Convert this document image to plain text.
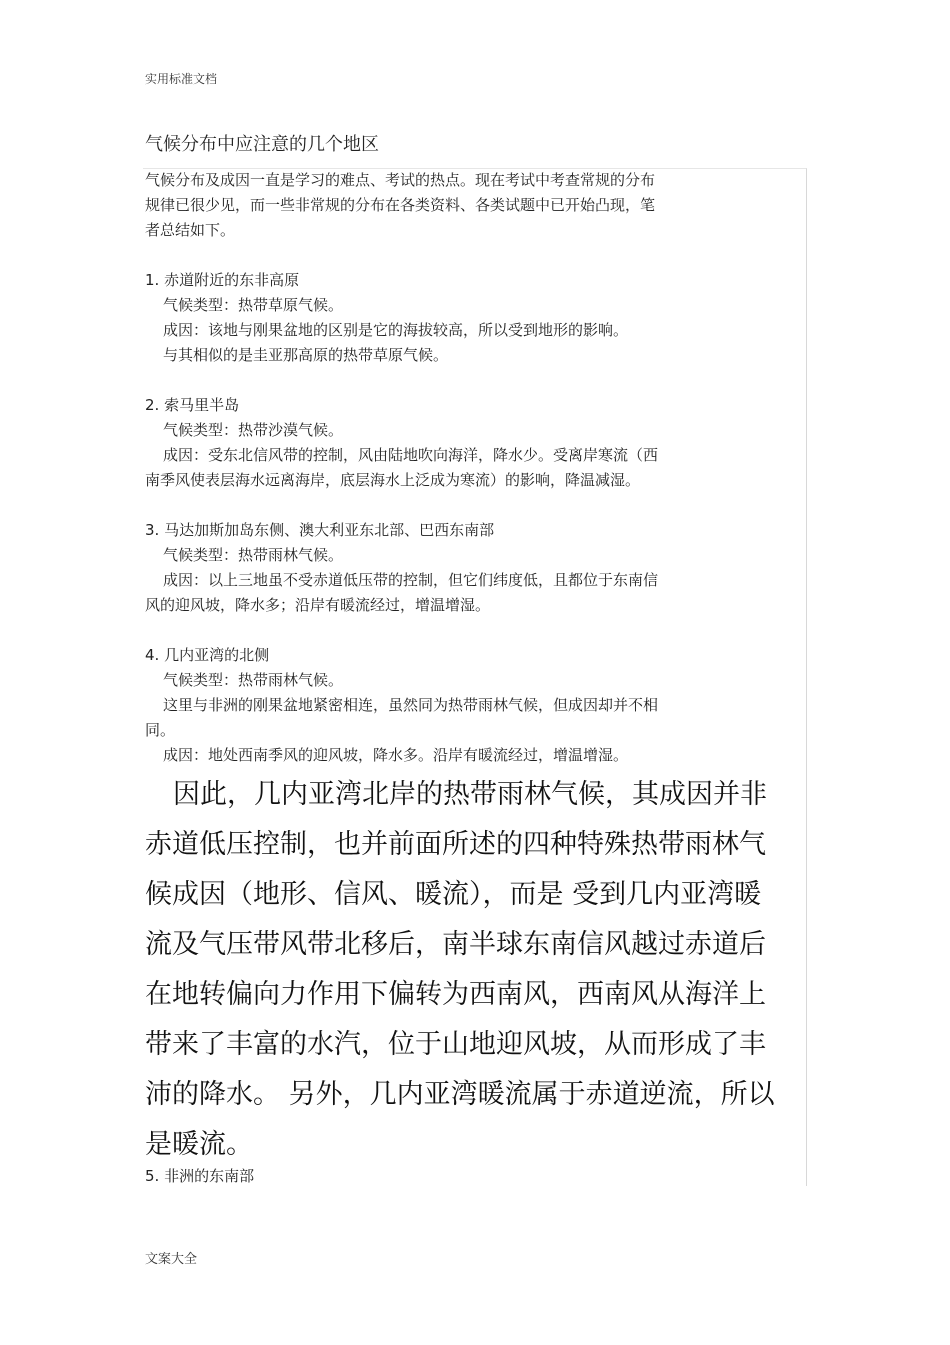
实用标准文档
气候分布中应注意的几个地区

气候分布及成因一直是学习的难点、考试的热点。现在考试中考查常规的分布

规律已很少见，而一些非常规的分布在各类资料、各类试题中已开始凸现，笔

者总结如下。

1. 赤道附近的东非高原

气候类型：热带草原气候。

成因：该地与刚果盆地的区别是它的海拔较高，所以受到地形的影响。

与其相似的是圭亚那高原的热带草原气候。

2. 索马里半岛

气候类型：热带沙漠气候。

成因：受东北信风带的控制，风由陆地吹向海洋，降水少。受离岸寒流（西

南季风使表层海水远离海岸，底层海水上泛成为寒流）的影响，降温减湿。

3. 马达加斯加岛东侧、澳大利亚东北部、巴西东南部

气候类型：热带雨林气候。

成因：以上三地虽不受赤道低压带的控制，但它们纬度低，且都位于东南信

风的迎风坡，降水多；沿岸有暖流经过，增温增湿。

4. 几内亚湾的北侧

气候类型：热带雨林气候。

这里与非洲的刚果盆地紧密相连，虽然同为热带雨林气候，但成因却并不相

同。

成因：地处西南季风的迎风坡，降水多。沿岸有暖流经过，增温增湿。

因此，几内亚湾北岸的热带雨林气候，其成因并非
赤道低压控制，也并前面所述的四种特殊热带雨林气
候成因（地形、信风、暖流），而是 受到几内亚湾暖
流及气压带风带北移后，南半球东南信风越过赤道后
在地转偏向力作用下偏转为西南风，西南风从海洋上
带来了丰富的水汽，位于山地迎风坡，从而形成了丰
沛的降水。 另外，几内亚湾暖流属于赤道逆流，所以
是暖流。
5. 非洲的东南部
文案大全
